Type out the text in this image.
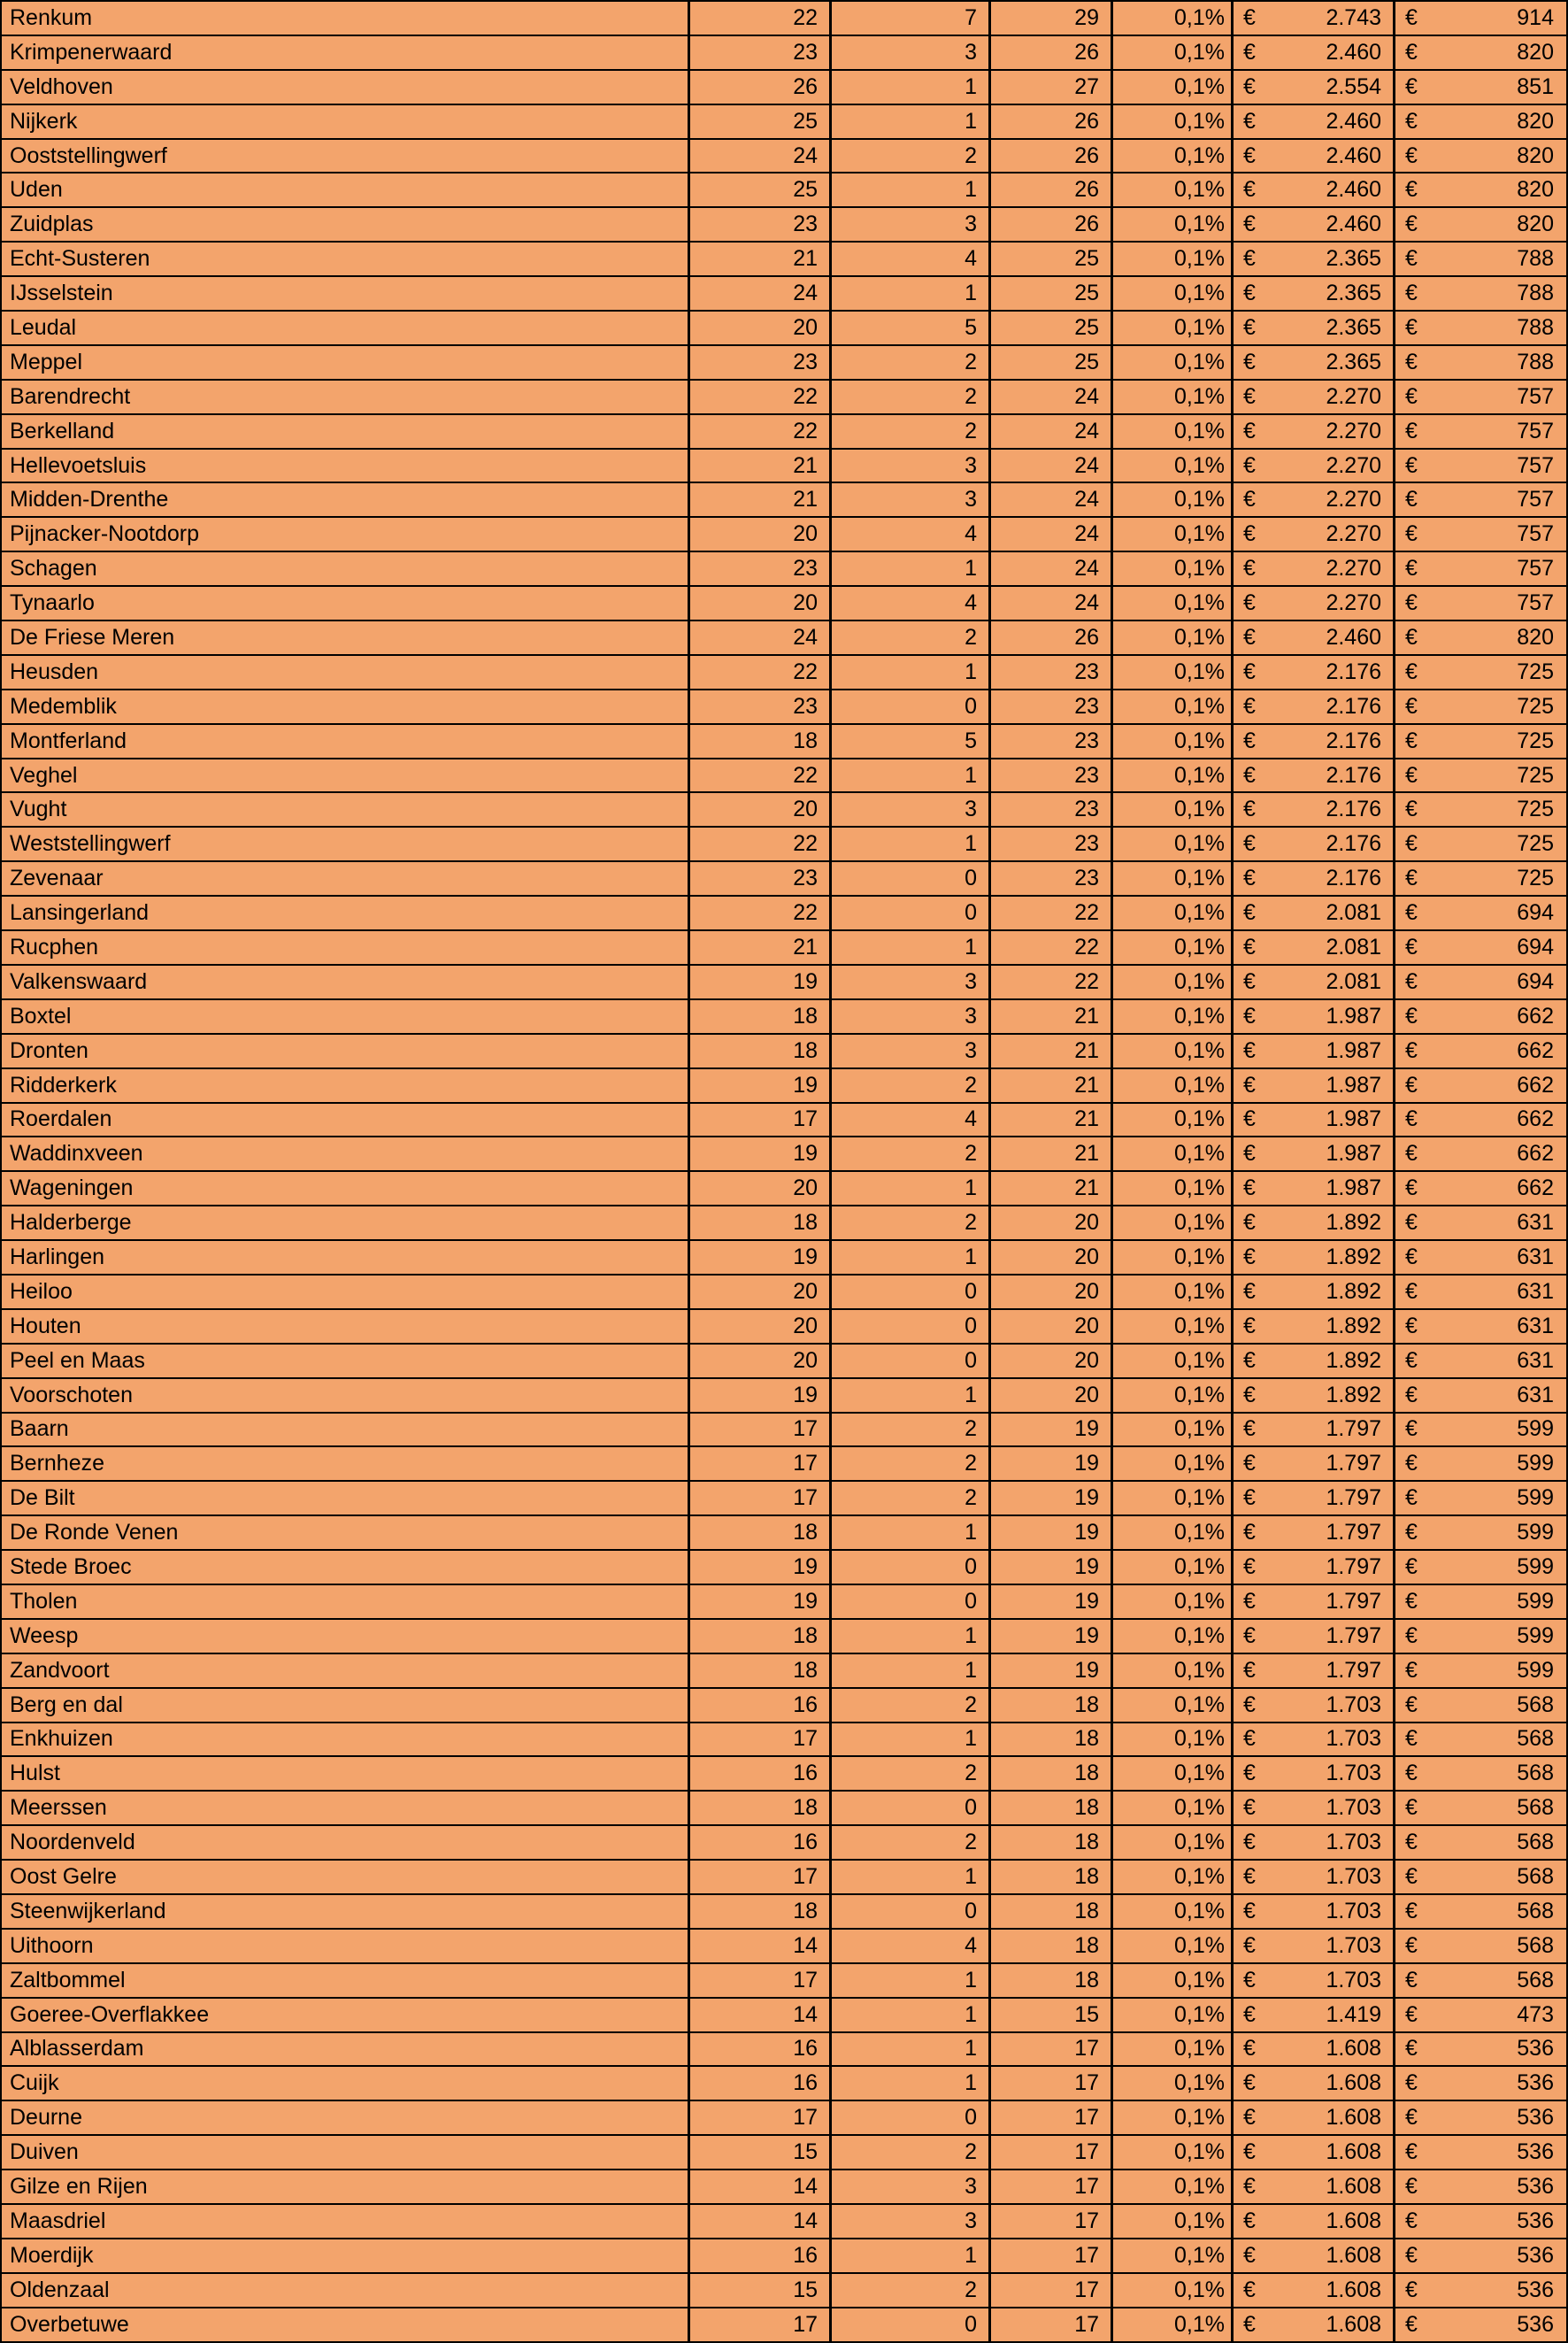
Renkum	22	7	29	0,1% €	2.743 €	914
Krimpenerwaard	23	3	26	0,1% €	2.460 €	820
Veldhoven	26	1	27	0,1% €	2.554 €	851
Nijkerk	25	1	26	0,1% €	2.460 €	820
Ooststellingwerf	24	2	26	0,1% €	2.460 €	820
Uden	25	1	26	0,1% €	2.460 €	820
Zuidplas	23	3	26	0,1% €	2.460 €	820
Echt-Susteren	21	4	25	0,1% €	2.365 €	788
IJsselstein	24	1	25	0,1% €	2.365 €	788
Leudal	20	5	25	0,1% €	2.365 €	788
Meppel	23	2	25	0,1% €	2.365 €	788
Barendrecht	22	2	24	0,1% €	2.270 €	757
Berkelland	22	2	24	0,1% €	2.270 €	757
Hellevoetsluis	21	3	24	0,1% €	2.270 €	757
Midden-Drenthe	21	3	24	0,1% €	2.270 €	757
Pijnacker-Nootdorp	20	4	24	0,1% €	2.270 €	757
Schagen	23	1	24	0,1% €	2.270 €	757
Tynaarlo	20	4	24	0,1% €	2.270 €	757
De Friese Meren	24	2	26	0,1% €	2.460 €	820
Heusden	22	1	23	0,1% €	2.176 €	725
Medemblik	23	0	23	0,1% €	2.176 €	725
Montferland	18	5	23	0,1% €	2.176 €	725
Veghel	22	1	23	0,1% €	2.176 €	725
Vught	20	3	23	0,1% €	2.176 €	725
Weststellingwerf	22	1	23	0,1% €	2.176 €	725
Zevenaar	23	0	23	0,1% €	2.176 €	725
Lansingerland	22	0	22	0,1% €	2.081 €	694
Rucphen	21	1	22	0,1% €	2.081 €	694
Valkenswaard	19	3	22	0,1% €	2.081 €	694
Boxtel	18	3	21	0,1% €	1.987 €	662
Dronten	18	3	21	0,1% €	1.987 €	662
Ridderkerk	19	2	21	0,1% €	1.987 €	662
Roerdalen	17	4	21	0,1% €	1.987 €	662
Waddinxveen	19	2	21	0,1% €	1.987 €	662
Wageningen	20	1	21	0,1% €	1.987 €	662
Halderberge	18	2	20	0,1% €	1.892 €	631
Harlingen	19	1	20	0,1% €	1.892 €	631
Heiloo	20	0	20	0,1% €	1.892 €	631
Houten	20	0	20	0,1% €	1.892 €	631
Peel en Maas	20	0	20	0,1% €	1.892 €	631
Voorschoten	19	1	20	0,1% €	1.892 €	631
Baarn	17	2	19	0,1% €	1.797 €	599
Bernheze	17	2	19	0,1% €	1.797 €	599
De Bilt	17	2	19	0,1% €	1.797 €	599
De Ronde Venen	18	1	19	0,1% €	1.797 €	599
Stede Broec	19	0	19	0,1% €	1.797 €	599
Tholen	19	0	19	0,1% €	1.797 €	599
Weesp	18	1	19	0,1% €	1.797 €	599
Zandvoort	18	1	19	0,1% €	1.797 €	599
Berg en dal	16	2	18	0,1% €	1.703 €	568
Enkhuizen	17	1	18	0,1% €	1.703 €	568
Hulst	16	2	18	0,1% €	1.703 €	568
Meerssen	18	0	18	0,1% €	1.703 €	568
Noordenveld	16	2	18	0,1% €	1.703 €	568
Oost Gelre	17	1	18	0,1% €	1.703 €	568
Steenwijkerland	18	0	18	0,1% €	1.703 €	568
Uithoorn	14	4	18	0,1% €	1.703 €	568
Zaltbommel	17	1	18	0,1% €	1.703 €	568
Goeree-Overflakkee	14	1	15	0,1% €	1.419 €	473
Alblasserdam	16	1	17	0,1% €	1.608 €	536
Cuijk	16	1	17	0,1% €	1.608 €	536
Deurne	17	0	17	0,1% €	1.608 €	536
Duiven	15	2	17	0,1% €	1.608 €	536
Gilze en Rijen	14	3	17	0,1% €	1.608 €	536
Maasdriel	14	3	17	0,1% €	1.608 €	536
Moerdijk	16	1	17	0,1% €	1.608 €	536
Oldenzaal	15	2	17	0,1% €	1.608 €	536
Overbetuwe	17	0	17	0,1% €	1.608 €	536
